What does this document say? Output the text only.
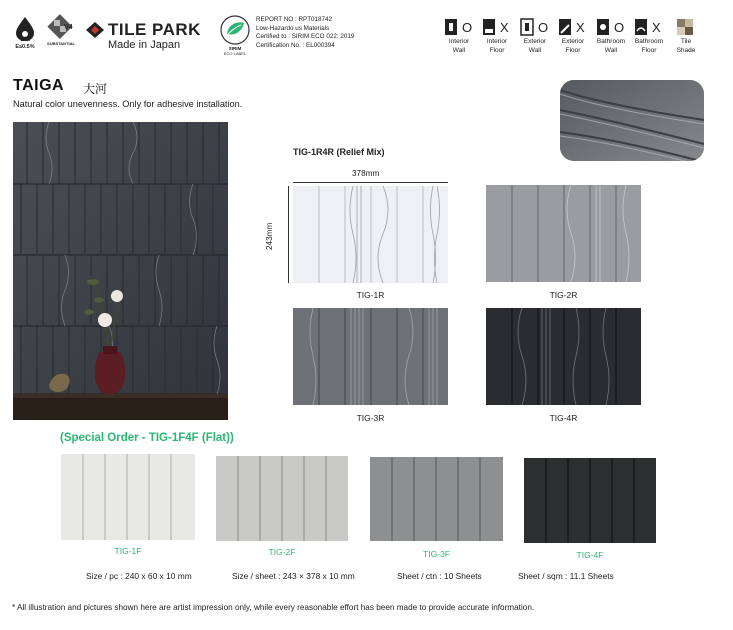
BIa
E≤0.5%
V4
SUBSTANTIAL
TILE PARK
Made in Japan	SIRIM
ECO LABEL
REPORT NO : RPT018742
Low-Hazardo us Materials
Certified to : SIRIM ECO 022: 2019
Certification No. : EL000394
O
Interior
Wall
X
Interior
Floor
O
Exterior
Wall
X
Exterior
Floor
O
Bathroom
Wall
X
Bathroom
Floor
Tile
Shade
TAIGA 大河
Natural color unevenness. Only for adhesive installation.
TIG-1R4R (Relief Mix)
378mm
243mm
TIG-1R	TIG-2R
TIG-3R	TIG-4R
(Special Order - TIG-1F4F (Flat))
TIG-1F	TIG-2F	TIG-3F	TIG-4F
Size / pc : 240 x 60 x 10 mm	Size / sheet : 243 × 378 x 10 mm	Sheet / ctn : 10 Sheets	Sheet / sqm : 11.1 Sheets
* All illustration and pictures shown here are artist impression only, while every reasonable effort has been made to provide accurate information.
